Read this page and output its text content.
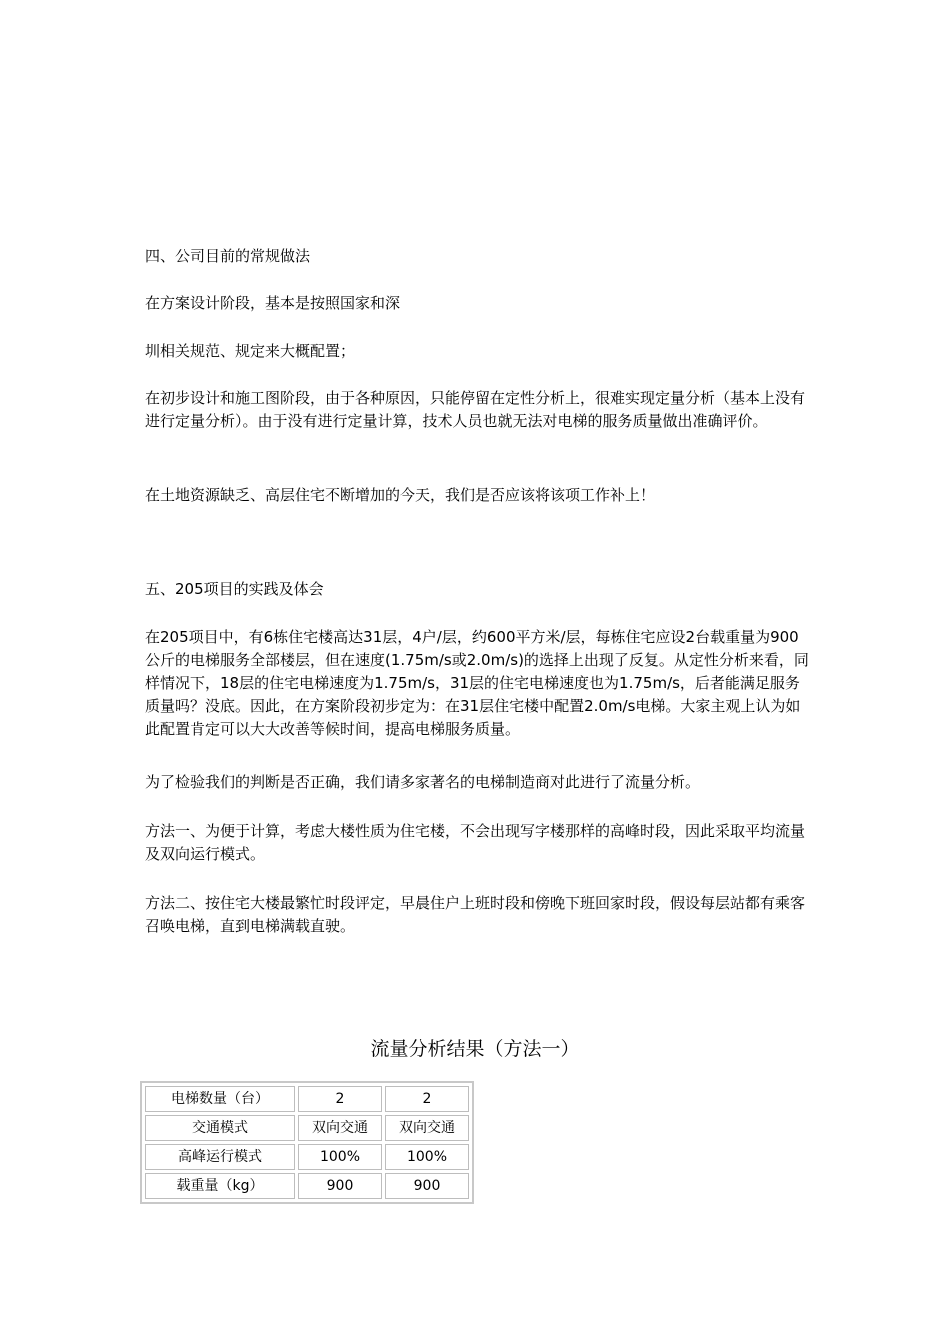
四、公司目前的常规做法

在方案设计阶段，基本是按照国家和深

圳相关规范、规定来大概配置；

在初步设计和施工图阶段，由于各种原因，只能停留在定性分析上，很难实现定量分析（基本上没有进行定量分析）。由于没有进行定量计算，技术人员也就无法对电梯的服务质量做出准确评价。

在土地资源缺乏、高层住宅不断增加的今天，我们是否应该将该项工作补上！

五、205项目的实践及体会

在205项目中，有6栋住宅楼高达31层，4户/层，约600平方米/层，每栋住宅应设2台载重量为900公斤的电梯服务全部楼层，但在速度(1.75m/s或2.0m/s)的选择上出现了反复。从定性分析来看，同样情况下，18层的住宅电梯速度为1.75m/s，31层的住宅电梯速度也为1.75m/s，后者能满足服务质量吗？没底。因此，在方案阶段初步定为：在31层住宅楼中配置2.0m/s电梯。大家主观上认为如此配置肯定可以大大改善等候时间，提高电梯服务质量。

为了检验我们的判断是否正确，我们请多家著名的电梯制造商对此进行了流量分析。

方法一、为便于计算，考虑大楼性质为住宅楼，不会出现写字楼那样的高峰时段，因此采取平均流量及双向运行模式。

方法二、按住宅大楼最繁忙时段评定，早晨住户上班时段和傍晚下班回家时段，假设每层站都有乘客召唤电梯，直到电梯满载直驶。

流量分析结果（方法一）

电梯数量（台）	2	2
交通模式	双向交通	双向交通
高峰运行模式	100%	100%
载重量（kg）	900	900
